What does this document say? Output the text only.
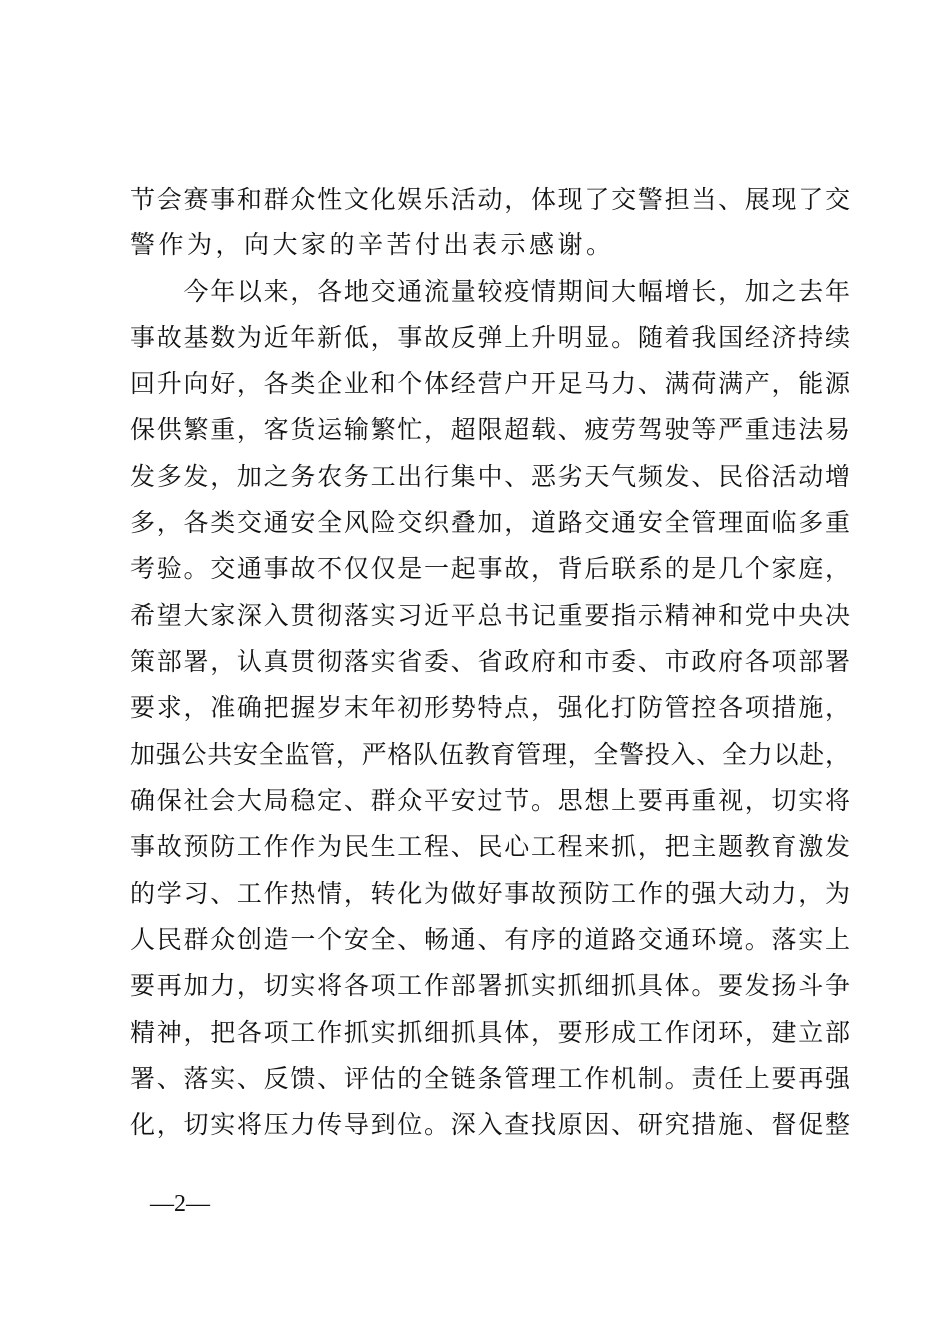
节会赛事和群众性文化娱乐活动，体现了交警担当、展现了交
警作为，向大家的辛苦付出表示感谢。
　　今年以来，各地交通流量较疫情期间大幅增长，加之去年
事故基数为近年新低，事故反弹上升明显。随着我国经济持续
回升向好，各类企业和个体经营户开足马力、满荷满产，能源
保供繁重，客货运输繁忙，超限超载、疲劳驾驶等严重违法易
发多发，加之务农务工出行集中、恶劣天气频发、民俗活动增
多，各类交通安全风险交织叠加，道路交通安全管理面临多重
考验。交通事故不仅仅是一起事故，背后联系的是几个家庭，
希望大家深入贯彻落实习近平总书记重要指示精神和党中央决
策部署，认真贯彻落实省委、省政府和市委、市政府各项部署
要求，准确把握岁末年初形势特点，强化打防管控各项措施，
加强公共安全监管，严格队伍教育管理，全警投入、全力以赴，
确保社会大局稳定、群众平安过节。思想上要再重视，切实将
事故预防工作作为民生工程、民心工程来抓，把主题教育激发
的学习、工作热情，转化为做好事故预防工作的强大动力，为
人民群众创造一个安全、畅通、有序的道路交通环境。落实上
要再加力，切实将各项工作部署抓实抓细抓具体。要发扬斗争
精神，把各项工作抓实抓细抓具体，要形成工作闭环，建立部
署、落实、反馈、评估的全链条管理工作机制。责任上要再强
化，切实将压力传导到位。深入查找原因、研究措施、督促整
—2—
